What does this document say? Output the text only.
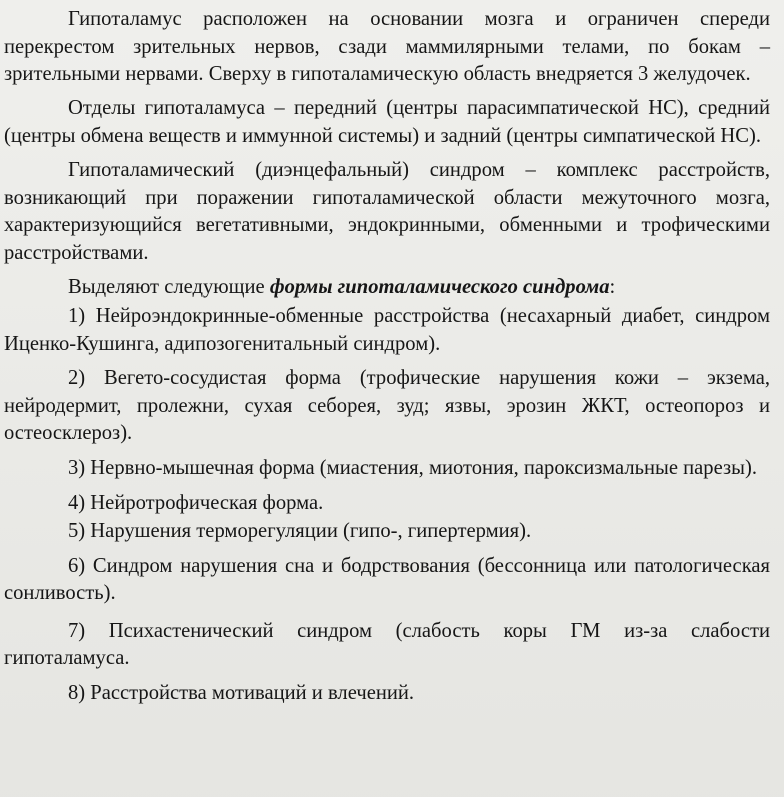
Гипоталамус расположен на основании мозга и ограничен спереди перекрестом зрительных нервов, сзади маммилярными телами, по бокам – зрительными нервами. Сверху в гипоталамическую область внедряется 3 желудочек.

Отделы гипоталамуса – передний (центры парасимпатической НС), средний (центры обмена веществ и иммунной системы) и задний (центры симпатической НС).

Гипоталамический (диэнцефальный) синдром – комплекс расстройств, возникающий при поражении гипоталамической области межуточного мозга, характеризующийся вегетативными, эндокринными, обменными и трофическими расстройствами.

Выделяют следующие формы гипоталамического синдрома:

1) Нейроэндокринные-обменные расстройства (несахарный диабет, синдром Иценко-Кушинга, адипозогенитальный синдром).

2) Вегето-сосудистая форма (трофические нарушения кожи – экзема, нейродермит, пролежни, сухая себорея, зуд; язвы, эрозин ЖКТ, остеопороз и остеосклероз).

3) Нервно-мышечная форма (миастения, миотония, пароксизмальные парезы).

4) Нейротрофическая форма.

5) Нарушения терморегуляции (гипо-, гипертермия).

6) Синдром нарушения сна и бодрствования (бессонница или патологическая сонливость).

7) Психастенический синдром (слабость коры ГМ из-за слабости гипоталамуса.

8) Расстройства мотиваций и влечений.
